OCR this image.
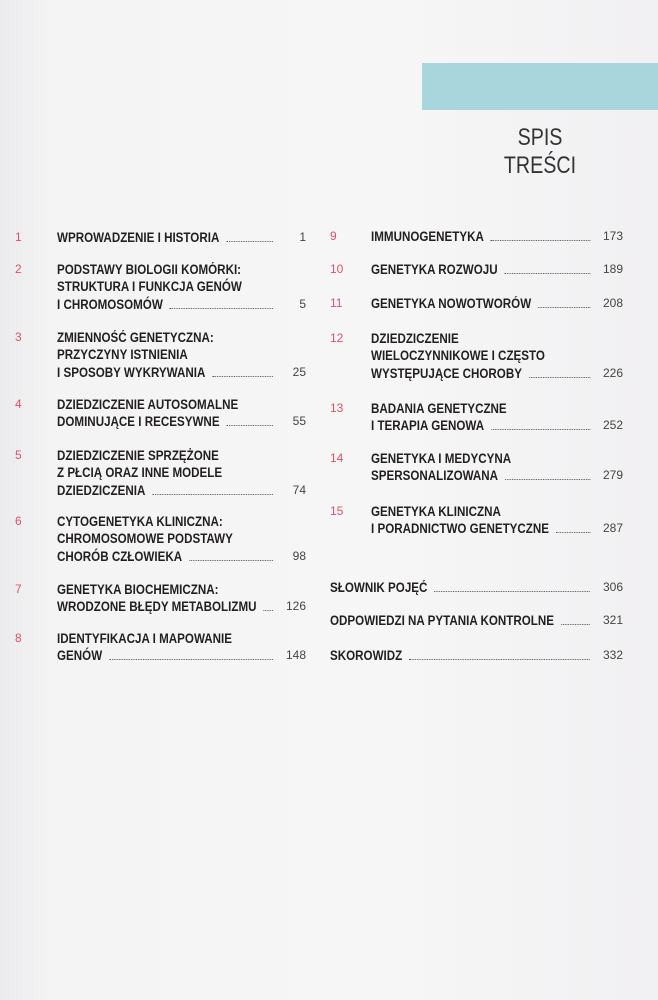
SPIS TREŚCI
1	WPROWADZENIE I HISTORIA	1
2	PODSTAWY BIOLOGII KOMÓRKI:
STRUKTURA I FUNKCJA GENÓW
I CHROMOSOMÓW	5
3	ZMIENNOŚĆ GENETYCZNA:
PRZYCZYNY ISTNIENIA
I SPOSOBY WYKRYWANIA	25
4	DZIEDZICZENIE AUTOSOMALNE
DOMINUJĄCE I RECESYWNE	55
5	DZIEDZICZENIE SPRZĘŻONE
Z PŁCIĄ ORAZ INNE MODELE
DZIEDZICZENIA	74
6	CYTOGENETYKA KLINICZNA:
CHROMOSOMOWE PODSTAWY
CHORÓB CZŁOWIEKA	98
7	GENETYKA BIOCHEMICZNA:
WRODZONE BŁĘDY METABOLIZMU	126
8	IDENTYFIKACJA I MAPOWANIE
GENÓW	148
9	IMMUNOGENETYKA	173
10 GENETYKA ROZWOJU	189
11 GENETYKA NOWOTWORÓW	208
12 DZIEDZICZENIE
WIELOCZYNNIKOWE I CZĘSTO
WYSTĘPUJĄCE CHOROBY	226
13 BADANIA GENETYCZNE
I TERAPIA GENOWA	252
14 GENETYKA I MEDYCYNA
SPERSONALIZOWANA	279
15 GENETYKA KLINICZNA
I PORADNICTWO GENETYCZNE	287
SŁOWNIK POJĘĆ	306
ODPOWIEDZI NA PYTANIA KONTROLNE	321
SKOROWIDZ	332
